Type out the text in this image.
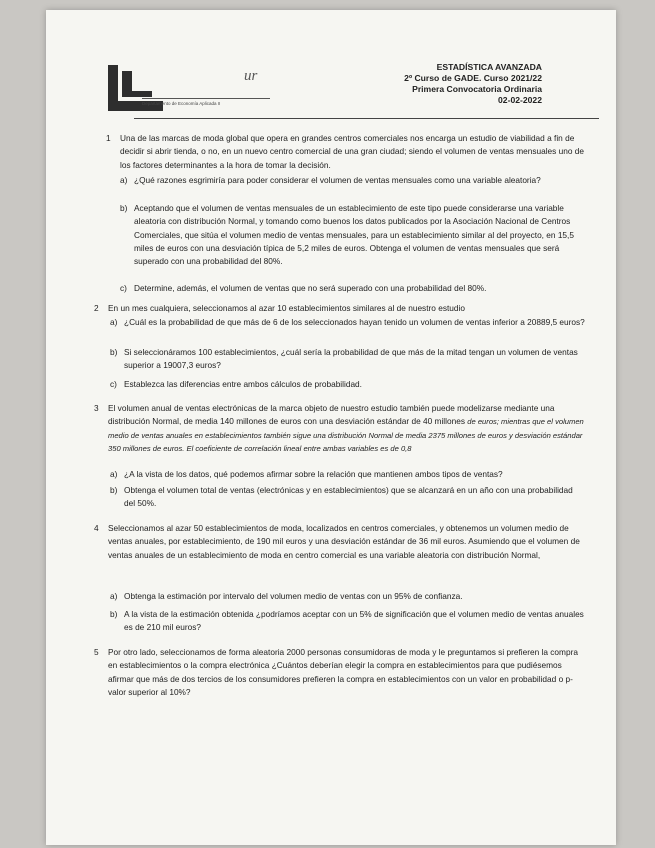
ur
Departamento de Economía Aplicada II
ESTADÍSTICA AVANZADA
2º Curso de GADE. Curso 2021/22
Primera Convocatoria Ordinaria
02-02-2022
1 Una de las marcas de moda global que opera en grandes centros comerciales nos encarga un estudio de viabilidad a fin de decidir si abrir tienda, o no, en un nuevo centro comercial de una gran ciudad; siendo el volumen de ventas mensuales uno de los factores determinantes a la hora de tomar la decisión.
a) ¿Qué razones esgrimiría para poder considerar el volumen de ventas mensuales como una variable aleatoria?
b) Aceptando que el volumen de ventas mensuales de un establecimiento de este tipo puede considerarse una variable aleatoria con distribución Normal, y tomando como buenos los datos publicados por la Asociación Nacional de Centros Comerciales, que sitúa el volumen medio de ventas mensuales, para un establecimiento similar al del proyecto, en 15,5 miles de euros con una desviación típica de 5,2 miles de euros. Obtenga el volumen de ventas mensuales que será superado con una probabilidad del 80%.
c) Determine, además, el volumen de ventas que no será superado con una probabilidad del 80%.
2 En un mes cualquiera, seleccionamos al azar 10 establecimientos similares al de nuestro estudio
a) ¿Cuál es la probabilidad de que más de 6 de los seleccionados hayan tenido un volumen de ventas inferior a 20889,5 euros?
b) Si seleccionáramos 100 establecimientos, ¿cuál sería la probabilidad de que más de la mitad tengan un volumen de ventas superior a 19007,3 euros?
c) Establezca las diferencias entre ambos cálculos de probabilidad.
3 El volumen anual de ventas electrónicas de la marca objeto de nuestro estudio también puede modelizarse mediante una distribución Normal, de media 140 millones de euros con una desviación estándar de 40 millones de euros; mientras que el volumen medio de ventas anuales en establecimientos también sigue una distribución Normal de media 2375 millones de euros y desviación estándar 350 millones de euros. El coeficiente de correlación lineal entre ambas variables es de 0,8
a) ¿A la vista de los datos, qué podemos afirmar sobre la relación que mantienen ambos tipos de ventas?
b) Obtenga el volumen total de ventas (electrónicas y en establecimientos) que se alcanzará en un año con una probabilidad del 50%.
4 Seleccionamos al azar 50 establecimientos de moda, localizados en centros comerciales, y obtenemos un volumen medio de ventas anuales, por establecimiento, de 190 mil euros y una desviación estándar de 36 mil euros. Asumiendo que el volumen de ventas anuales de un establecimiento de moda en centro comercial es una variable aleatoria con distribución Normal,
a) Obtenga la estimación por intervalo del volumen medio de ventas con un 95% de confianza.
b) A la vista de la estimación obtenida ¿podríamos aceptar con un 5% de significación que el volumen medio de ventas anuales es de 210 mil euros?
5 Por otro lado, seleccionamos de forma aleatoria 2000 personas consumidoras de moda y le preguntamos si prefieren la compra en establecimientos o la compra electrónica ¿Cuántos deberían elegir la compra en establecimientos para que pudiésemos afirmar que más de dos tercios de los consumidores prefieren la compra en establecimientos con un valor en probabilidad o p-valor superior al 10%?
